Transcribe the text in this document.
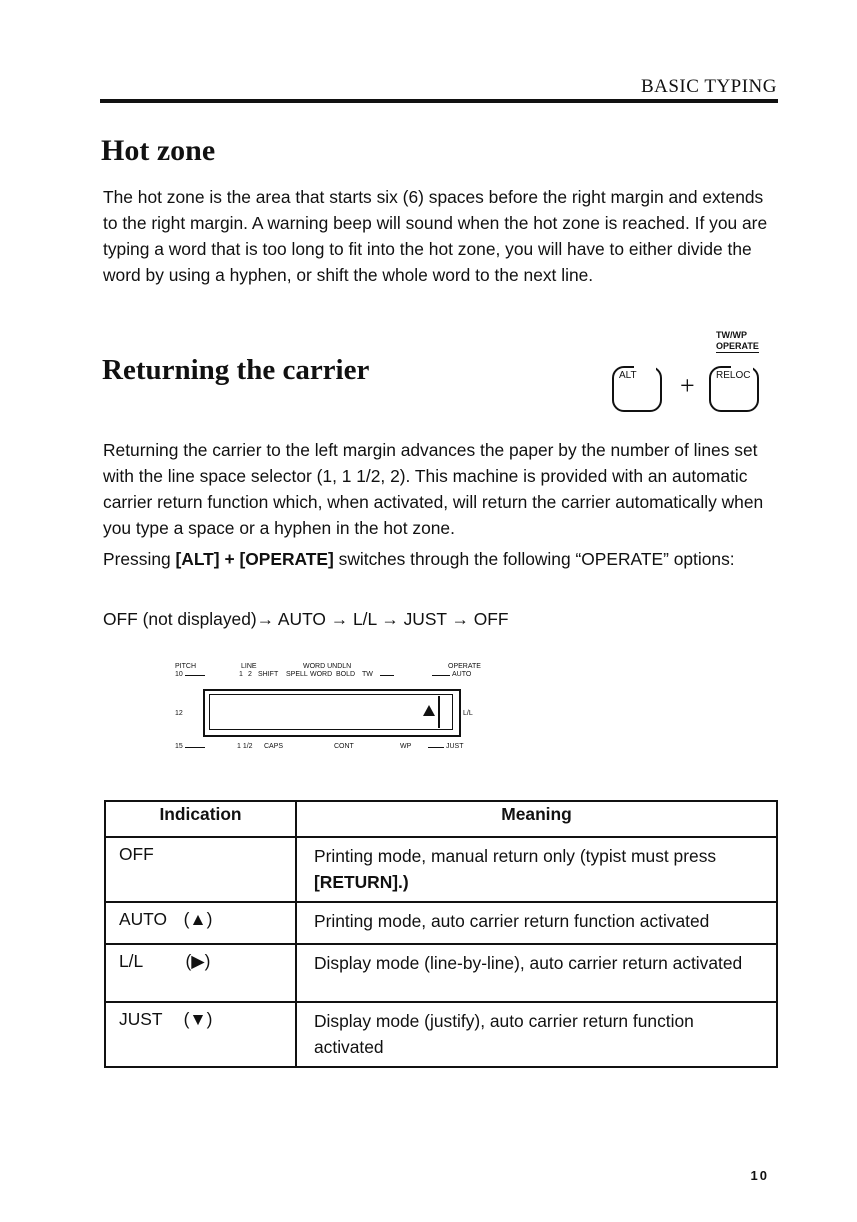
BASIC TYPING
Hot zone

The hot zone is the area that starts six (6) spaces before the right margin and extends to the right margin. A warning beep will sound when the hot zone is reached. If you are typing a word that is too long to fit into the hot zone, you will have to either divide the word by using a hyphen, or shift the whole word to the next line.

Returning the carrier
TW/WP
OPERATE
ALT + RELOC

Returning the carrier to the left margin advances the paper by the number of lines set with the line space selector (1, 1 1/2, 2). This machine is provided with an automatic carrier return function which, when activated, will return the carrier automatically when you type a space or a hyphen in the hot zone.

Pressing [ALT] + [OPERATE] switches through the following “OPERATE” options:

OFF (not displayed)→ AUTO → L/L → JUST → OFF

PITCH
10
LINE
1 2 SHIFT
WORD UNDLN
SPELL WORD BOLD TW
OPERATE
AUTO
12	L/L
15	1 1/2 CAPS	CONT	WP	JUST
Indication	Meaning
OFF	Printing mode, manual return only (typist must press
[RETURN].)
AUTO (▲)	Printing mode, auto carrier return function activated
L/L (▶)	Display mode (line-by-line), auto carrier return activated
JUST (▼)	Display mode (justify), auto carrier return function activated
10
